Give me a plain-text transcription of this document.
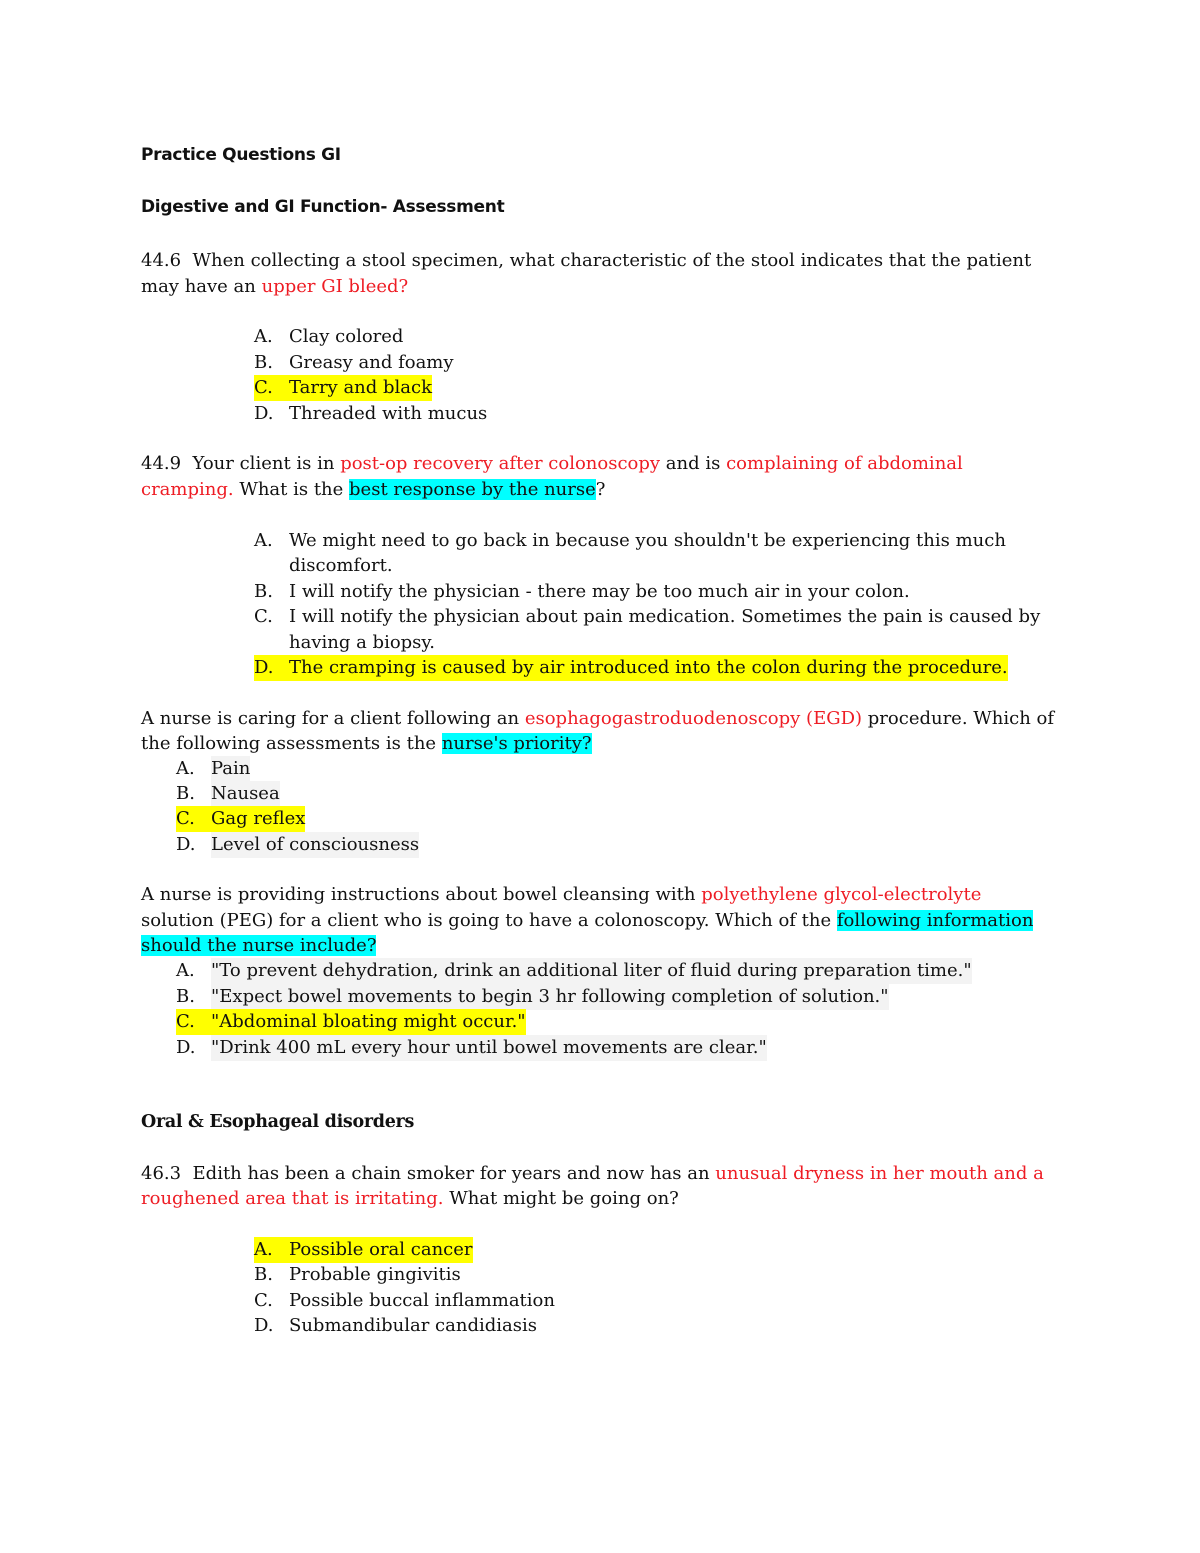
Practice Questions GI
Digestive and GI Function- Assessment
44.6 When collecting a stool specimen, what characteristic of the stool indicates that the patient
may have an upper GI bleed?
A. Clay colored
B. Greasy and foamy
C. Tarry and black
D. Threaded with mucus
44.9 Your client is in post-op recovery after colonoscopy and is complaining of abdominal
cramping. What is the best response by the nurse?
A. We might need to go back in because you shouldn't be experiencing this much
discomfort.
B. I will notify the physician - there may be too much air in your colon.
C. I will notify the physician about pain medication. Sometimes the pain is caused by
having a biopsy.
D. The cramping is caused by air introduced into the colon during the procedure.
A nurse is caring for a client following an esophagogastroduodenoscopy (EGD) procedure. Which of
the following assessments is the nurse's priority?
A. Pain
B. Nausea
C. Gag reflex
D. Level of consciousness
A nurse is providing instructions about bowel cleansing with polyethylene glycol-electrolyte
solution (PEG) for a client who is going to have a colonoscopy. Which of the following information
should the nurse include?
A. "To prevent dehydration, drink an additional liter of fluid during preparation time."
B. "Expect bowel movements to begin 3 hr following completion of solution."
C. "Abdominal bloating might occur."
D. "Drink 400 mL every hour until bowel movements are clear."
Oral & Esophageal disorders
46.3 Edith has been a chain smoker for years and now has an unusual dryness in her mouth and a
roughened area that is irritating. What might be going on?
A. Possible oral cancer
B. Probable gingivitis
C. Possible buccal inflammation
D. Submandibular candidiasis
